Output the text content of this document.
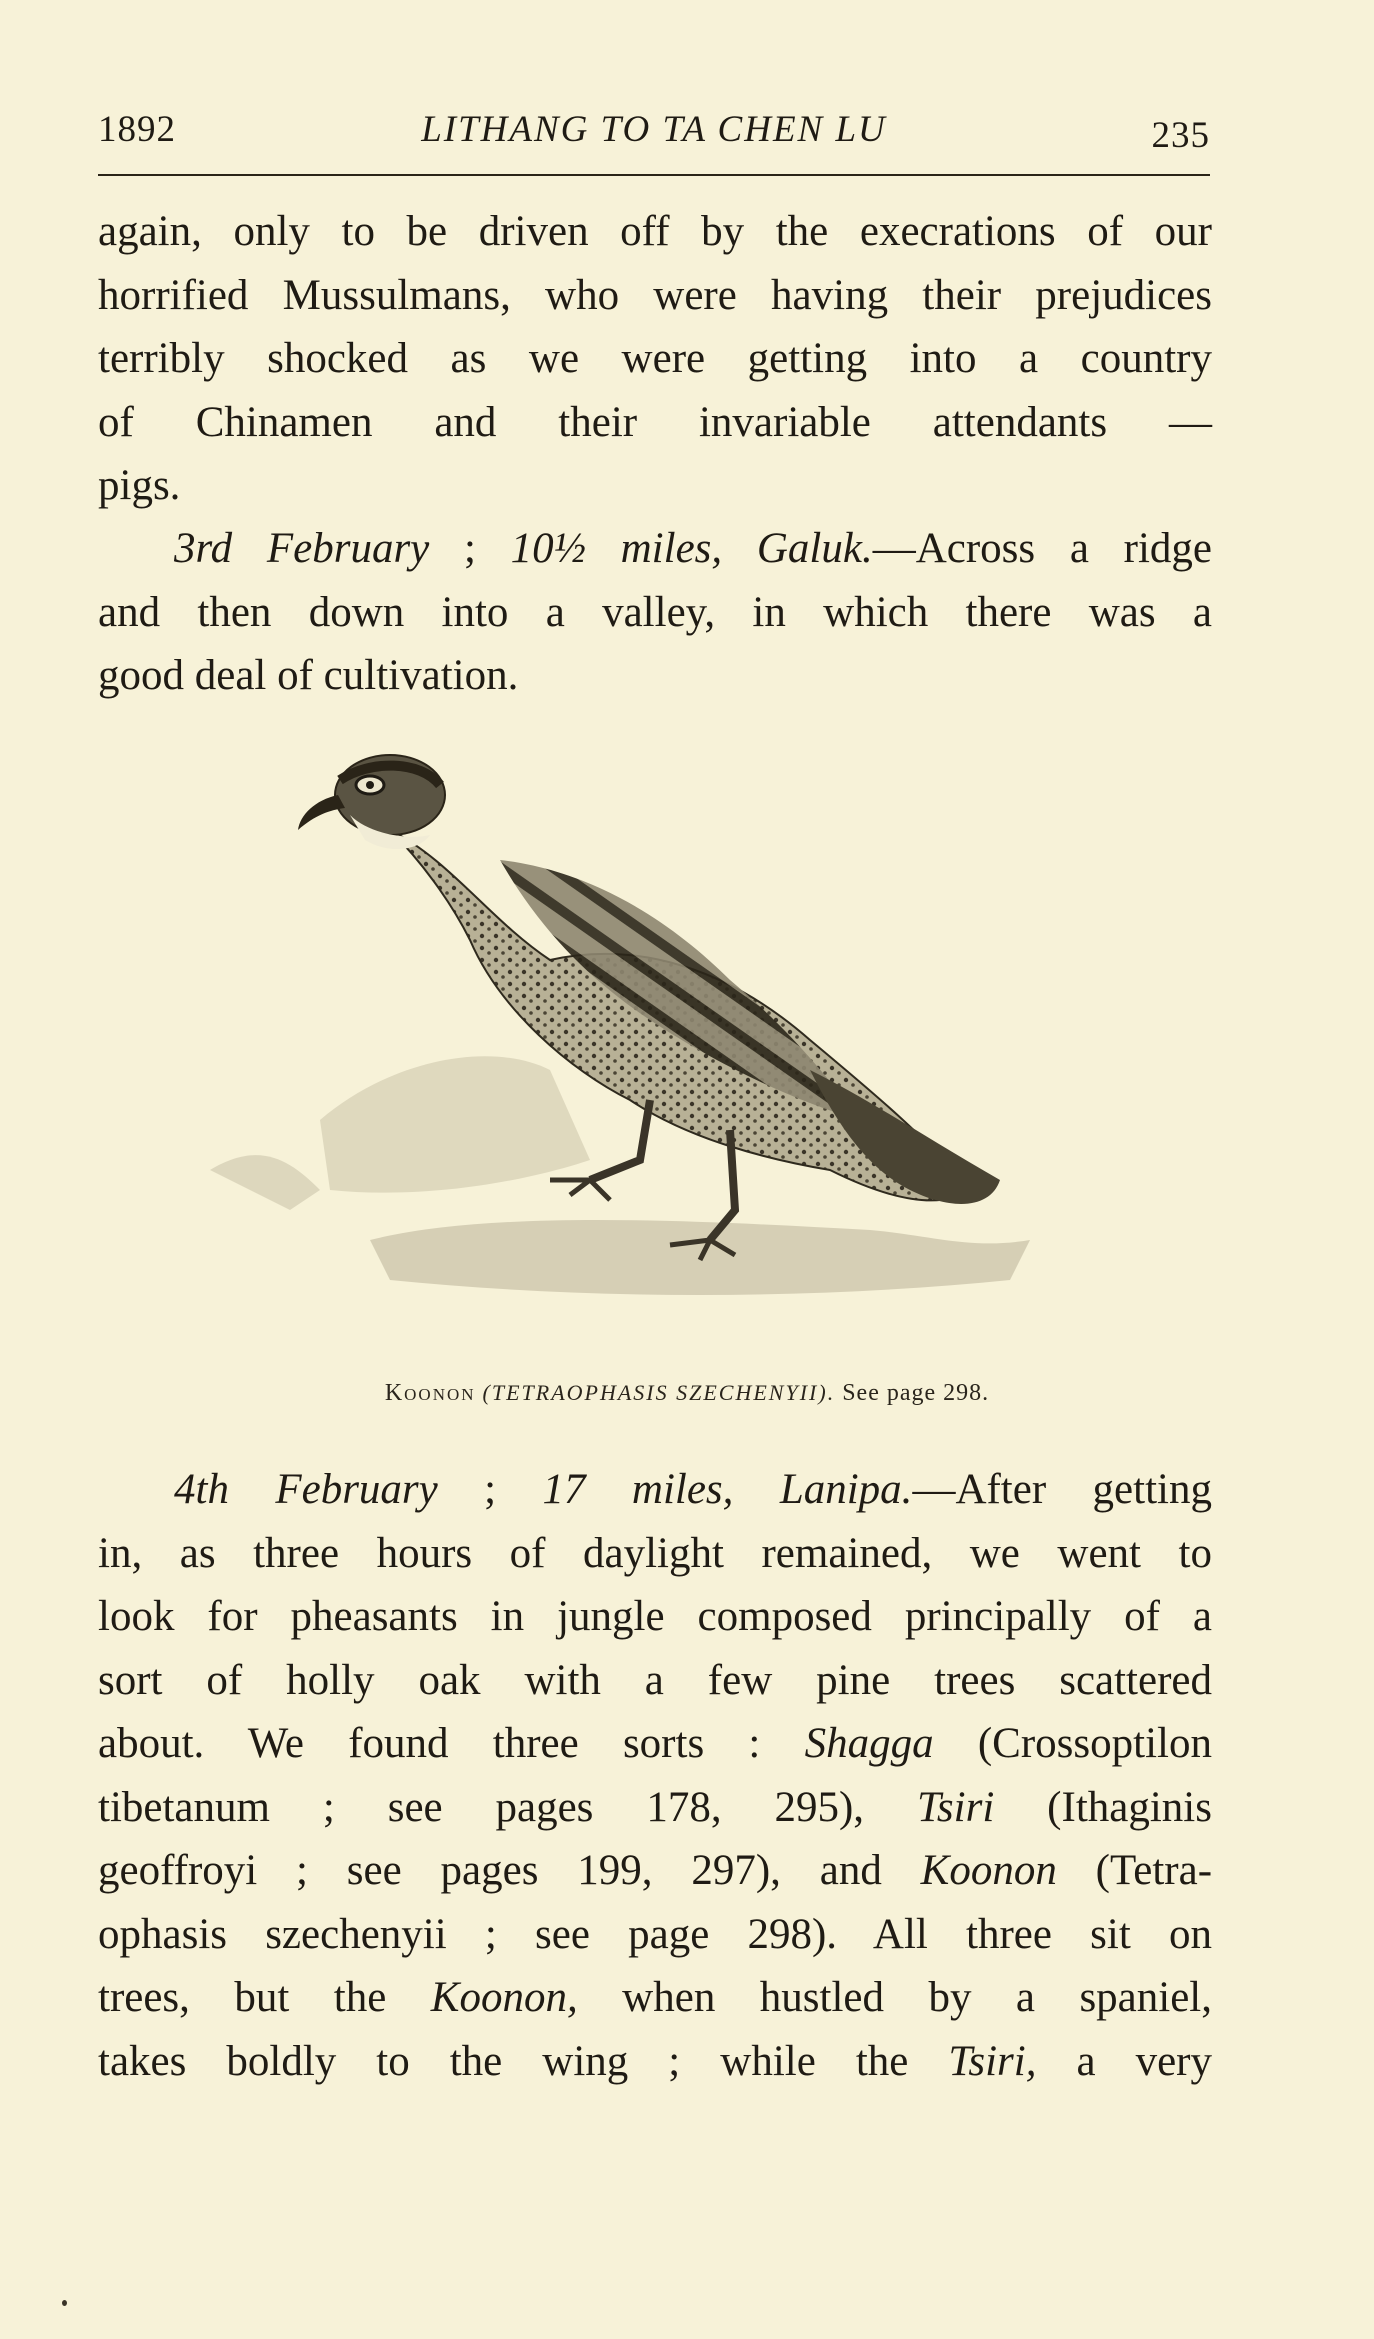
1892	LITHANG TO TA CHEN LU	235

again, only to be driven off by the execrations of our
horrified Mussulmans, who were having their prejudices
terribly shocked as we were getting into a country
of Chinamen and their invariable attendants —
pigs.

3rd February ; 10½ miles, Galuk.—Across a ridge
and then down into a valley, in which there was a
good deal of cultivation.

Koonon (TETRAOPHASIS SZECHENYII). See page 298.

4th February ; 17 miles, Lanipa.—After getting
in, as three hours of daylight remained, we went to
look for pheasants in jungle composed principally of a
sort of holly oak with a few pine trees scattered
about. We found three sorts : Shagga (Crossoptilon
tibetanum ; see pages 178, 295), Tsiri (Ithaginis
geoffroyi ; see pages 199, 297), and Koonon (Tetra-
ophasis szechenyii ; see page 298). All three sit on
trees, but the Koonon, when hustled by a spaniel,
takes boldly to the wing ; while the Tsiri, a very
